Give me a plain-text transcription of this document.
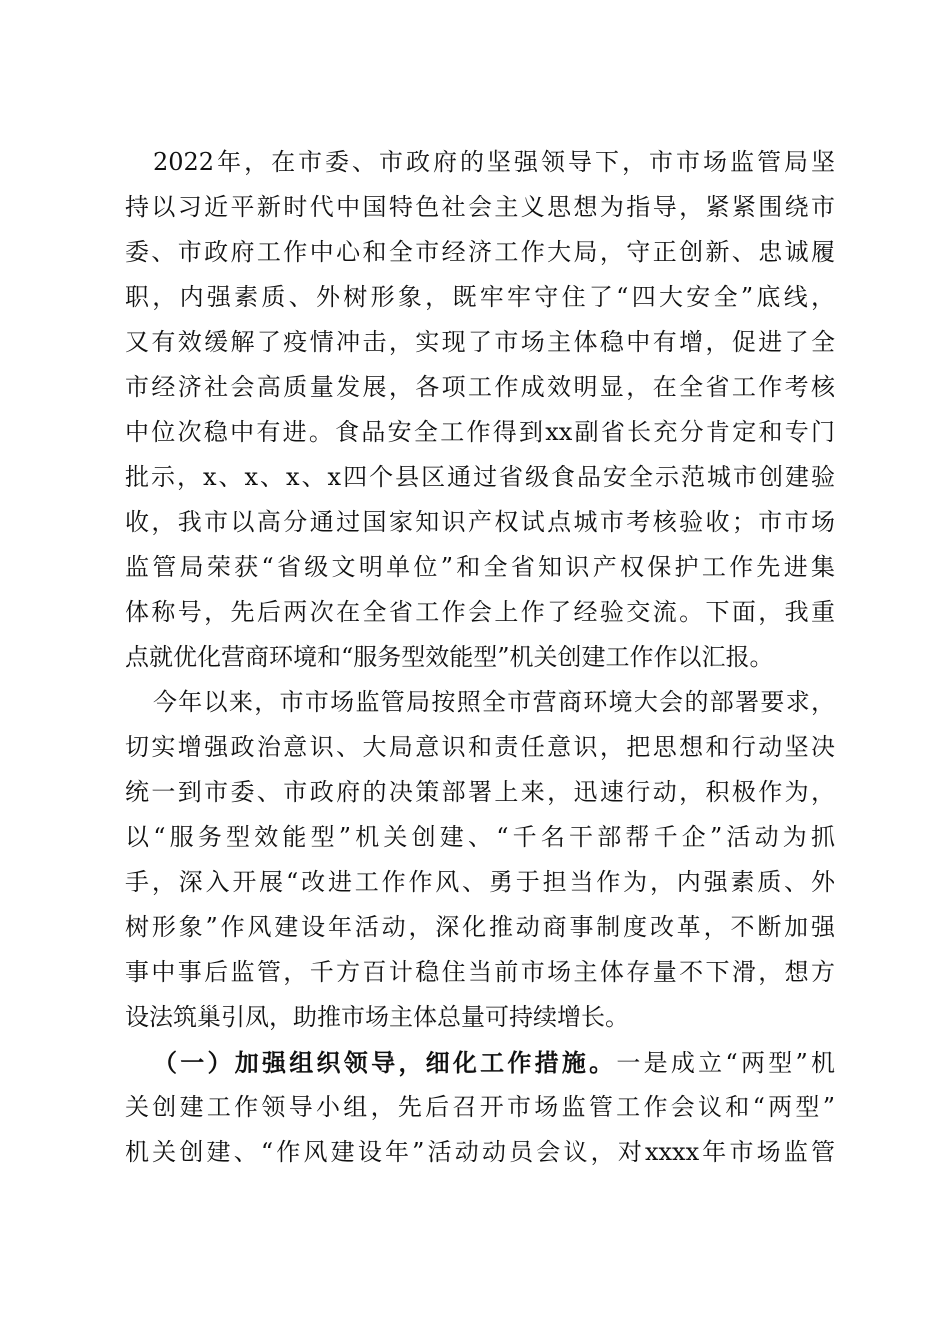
2022年，在市委、市政府的坚强领导下，市市场监管局坚
持以习近平新时代中国特色社会主义思想为指导，紧紧围绕市
委、市政府工作中心和全市经济工作大局，守正创新、忠诚履
职，内强素质、外树形象，既牢牢守住了“四大安全”底线，
又有效缓解了疫情冲击，实现了市场主体稳中有增，促进了全
市经济社会高质量发展，各项工作成效明显，在全省工作考核
中位次稳中有进。食品安全工作得到xx副省长充分肯定和专门
批示，x、x、x、x四个县区通过省级食品安全示范城市创建验
收，我市以高分通过国家知识产权试点城市考核验收；市市场
监管局荣获“省级文明单位”和全省知识产权保护工作先进集
体称号，先后两次在全省工作会上作了经验交流。下面，我重
点就优化营商环境和“服务型效能型”机关创建工作作以汇报。
今年以来，市市场监管局按照全市营商环境大会的部署要求，
切实增强政治意识、大局意识和责任意识，把思想和行动坚决
统一到市委、市政府的决策部署上来，迅速行动，积极作为，
以“服务型效能型”机关创建、“千名干部帮千企”活动为抓
手，深入开展“改进工作作风、勇于担当作为，内强素质、外
树形象”作风建设年活动，深化推动商事制度改革，不断加强
事中事后监管，千方百计稳住当前市场主体存量不下滑，想方
设法筑巢引凤，助推市场主体总量可持续增长。
（一）加强组织领导，细化工作措施。一是成立“两型”机
关创建工作领导小组，先后召开市场监管工作会议和“两型”
机关创建、“作风建设年”活动动员会议，对xxxx年市场监管
